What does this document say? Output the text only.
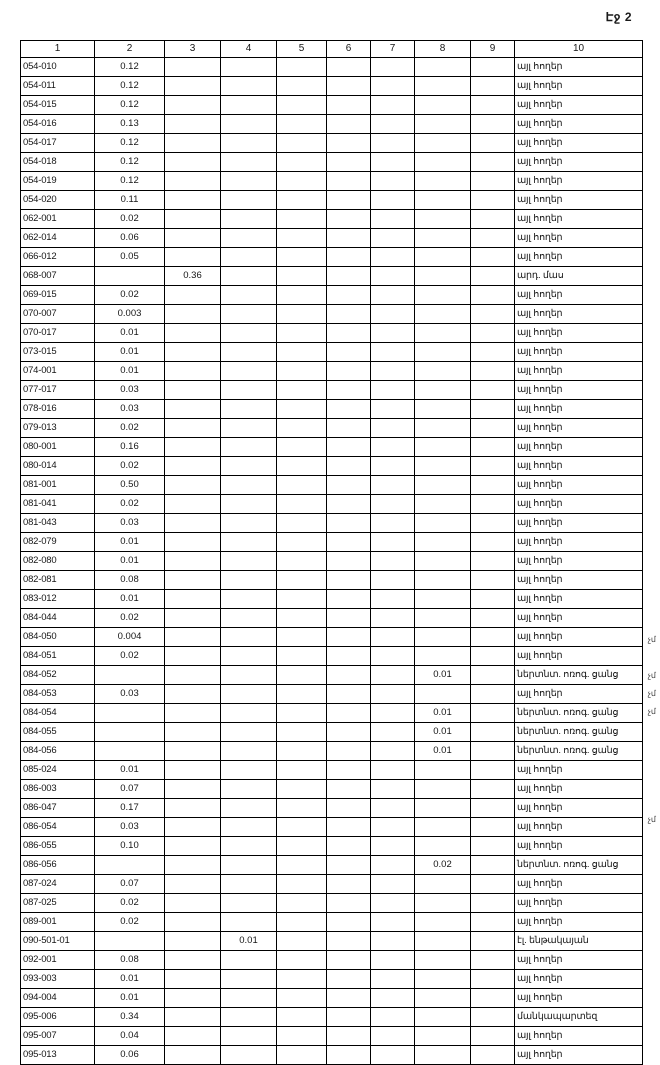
Էջ 2
1	2	3	4	5	6	7	8	9	10
054-010	0.12								այլ հողեր
054-011	0.12								այլ հողեր
054-015	0.12								այլ հողեր
054-016	0.13								այլ հողեր
054-017	0.12								այլ հողեր
054-018	0.12								այլ հողեր
054-019	0.12								այլ հողեր
054-020	0.11								այլ հողեր
062-001	0.02								այլ հողեր
062-014	0.06								այլ հողեր
066-012	0.05								այլ հողեր
068-007		0.36							արդ. մաս
069-015	0.02								այլ հողեր
070-007	0.003								այլ հողեր
070-017	0.01								այլ հողեր
073-015	0.01								այլ հողեր
074-001	0.01								այլ հողեր
077-017	0.03								այլ հողեր
078-016	0.03								այլ հողեր
079-013	0.02								այլ հողեր
080-001	0.16								այլ հողեր
080-014	0.02								այլ հողեր
081-001	0.50								այլ հողեր
081-041	0.02								այլ հողեր
081-043	0.03								այլ հողեր
082-079	0.01								այլ հողեր
082-080	0.01								այլ հողեր
082-081	0.08								այլ հողեր
083-012	0.01								այլ հողեր
084-044	0.02								այլ հողեր
084-050	0.004								այլ հողեր
084-051	0.02								այլ հողեր
084-052							0.01		ներտնտ. ոռոգ. ցանց
084-053	0.03								այլ հողեր
084-054							0.01		ներտնտ. ոռոգ. ցանց
084-055							0.01		ներտնտ. ոռոգ. ցանց
084-056							0.01		ներտնտ. ոռոգ. ցանց
085-024	0.01								այլ հողեր
086-003	0.07								այլ հողեր
086-047	0.17								այլ հողեր
086-054	0.03								այլ հողեր
086-055	0.10								այլ հողեր
086-056							0.02		ներտնտ. ոռոգ. ցանց
087-024	0.07								այլ հողեր
087-025	0.02								այլ հողեր
089-001	0.02								այլ հողեր
090-501-01			0.01						էլ. ենթակայան
092-001	0.08								այլ հողեր
093-003	0.01								այլ հողեր
094-004	0.01								այլ հողեր
095-006	0.34								մանկապարտեզ
095-007	0.04								այլ հողեր
095-013	0.06								այլ հողեր
չմ
չմ
չմ
չմ
չմ
